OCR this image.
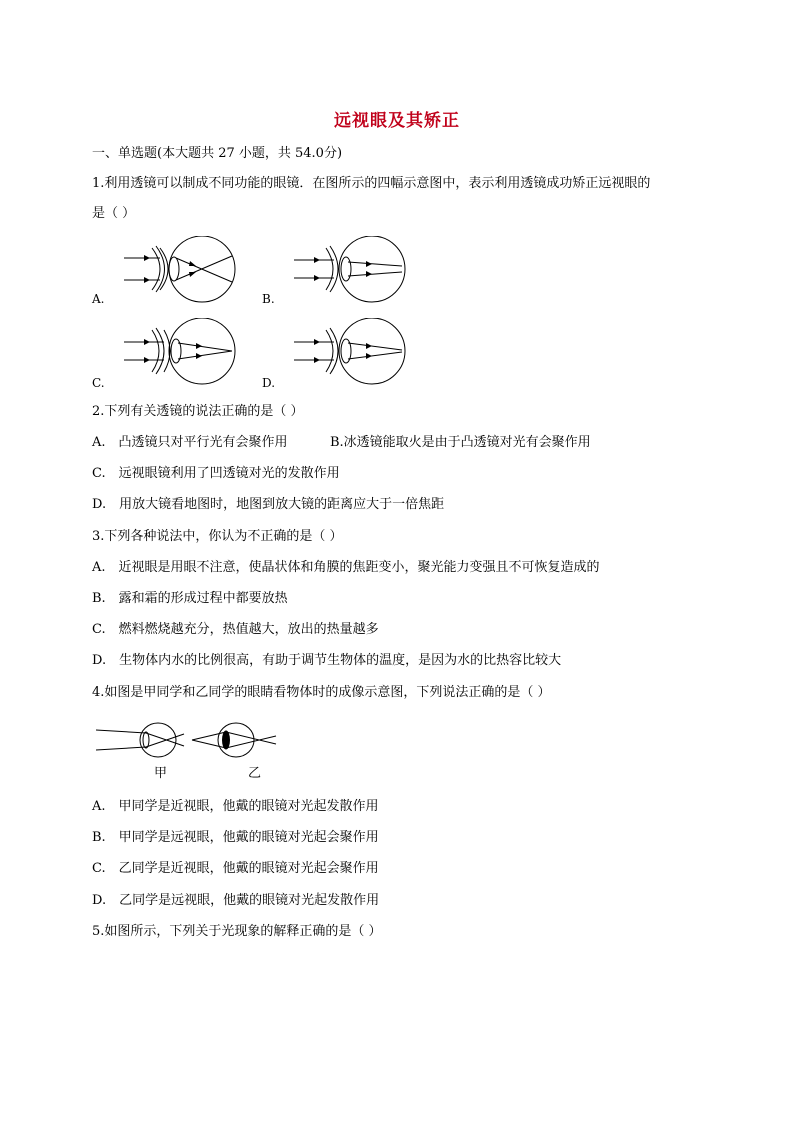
远视眼及其矫正
一、单选题(本大题共 27 小题，共 54.0分)
1.利用透镜可以制成不同功能的眼镜．在图所示的四幅示意图中，表示利用透镜成功矫正远视眼的
是（ ）
A.	B.
C.	D.
2.下列有关透镜的说法正确的是（ ）
A.　凸透镜只对平行光有会聚作用	B.冰透镜能取火是由于凸透镜对光有会聚作用
C.　远视眼镜利用了凹透镜对光的发散作用
D.　用放大镜看地图时，地图到放大镜的距离应大于一倍焦距
3.下列各种说法中，你认为不正确的是（ ）
A.　近视眼是用眼不注意，使晶状体和角膜的焦距变小，聚光能力变强且不可恢复造成的
B.　露和霜的形成过程中都要放热
C.　燃料燃烧越充分，热值越大，放出的热量越多
D.　生物体内水的比例很高，有助于调节生物体的温度，是因为水的比热容比较大
4.如图是甲同学和乙同学的眼睛看物体时的成像示意图，下列说法正确的是（ ）
甲	乙
A.　甲同学是近视眼，他戴的眼镜对光起发散作用
B.　甲同学是远视眼，他戴的眼镜对光起会聚作用
C.　乙同学是近视眼，他戴的眼镜对光起会聚作用
D.　乙同学是远视眼，他戴的眼镜对光起发散作用
5.如图所示，下列关于光现象的解释正确的是（ ）
